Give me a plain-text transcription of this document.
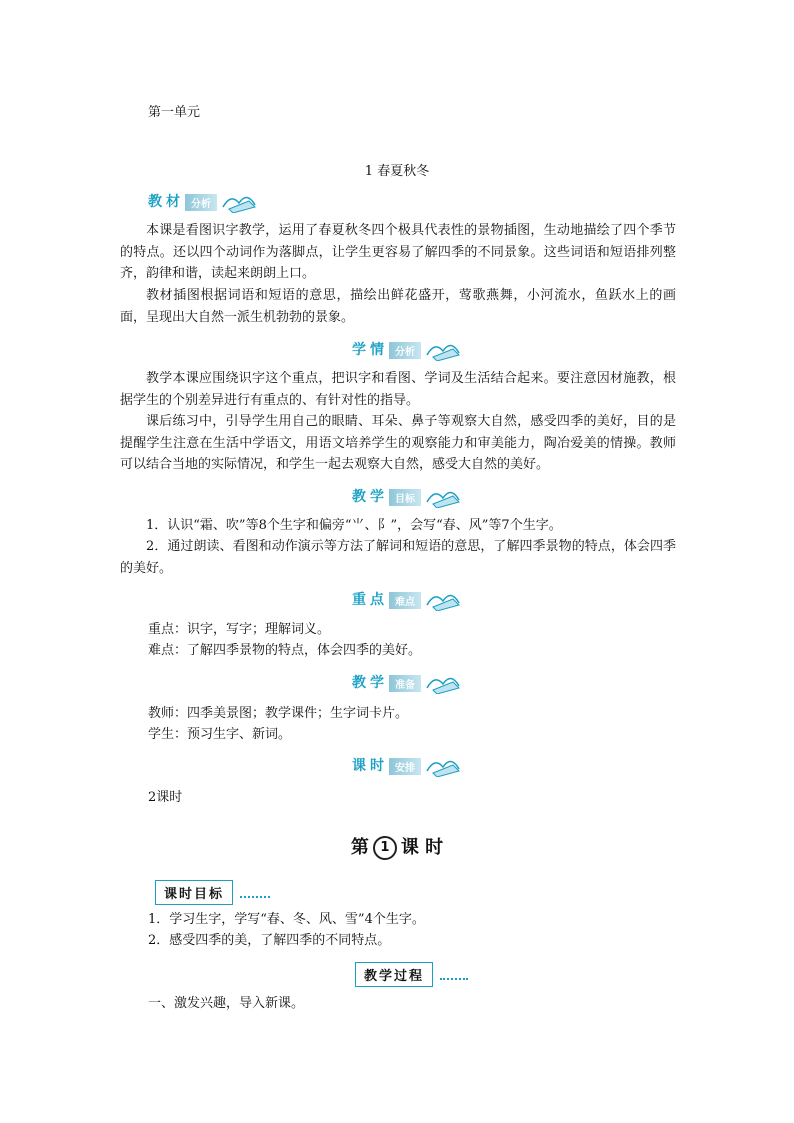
第一单元
1 春夏秋冬
教材 分析

本课是看图识字教学，运用了春夏秋冬四个极具代表性的景物插图，生动地描绘了四个季节的特点。还以四个动词作为落脚点，让学生更容易了解四季的不同景象。这些词语和短语排列整齐，韵律和谐，读起来朗朗上口。

教材插图根据词语和短语的意思，描绘出鲜花盛开，莺歌燕舞，小河流水，鱼跃水上的画面，呈现出大自然一派生机勃勃的景象。

学情 分析

教学本课应围绕识字这个重点，把识字和看图、学词及生活结合起来。要注意因材施教，根据学生的个别差异进行有重点的、有针对性的指导。

课后练习中，引导学生用自己的眼睛、耳朵、鼻子等观察大自然，感受四季的美好，目的是提醒学生注意在生活中学语文，用语文培养学生的观察能力和审美能力，陶冶爱美的情操。教师可以结合当地的实际情况，和学生一起去观察大自然，感受大自然的美好。

教学 目标

1．认识“霜、吹”等8个生字和偏旁“⺌、阝”，会写“春、风”等7个生字。

2．通过朗读、看图和动作演示等方法了解词和短语的意思，了解四季景物的特点，体会四季的美好。

重点 难点

重点：识字，写字；理解词义。

难点：了解四季景物的特点，体会四季的美好。

教学 准备

教师：四季美景图；教学课件；生字词卡片。

学生：预习生字、新词。

课时 安排

2课时

第 1 课 时
课时目标

1．学习生字，学写“春、冬、风、雪”4个生字。

2．感受四季的美，了解四季的不同特点。

教学过程

一、激发兴趣，导入新课。
